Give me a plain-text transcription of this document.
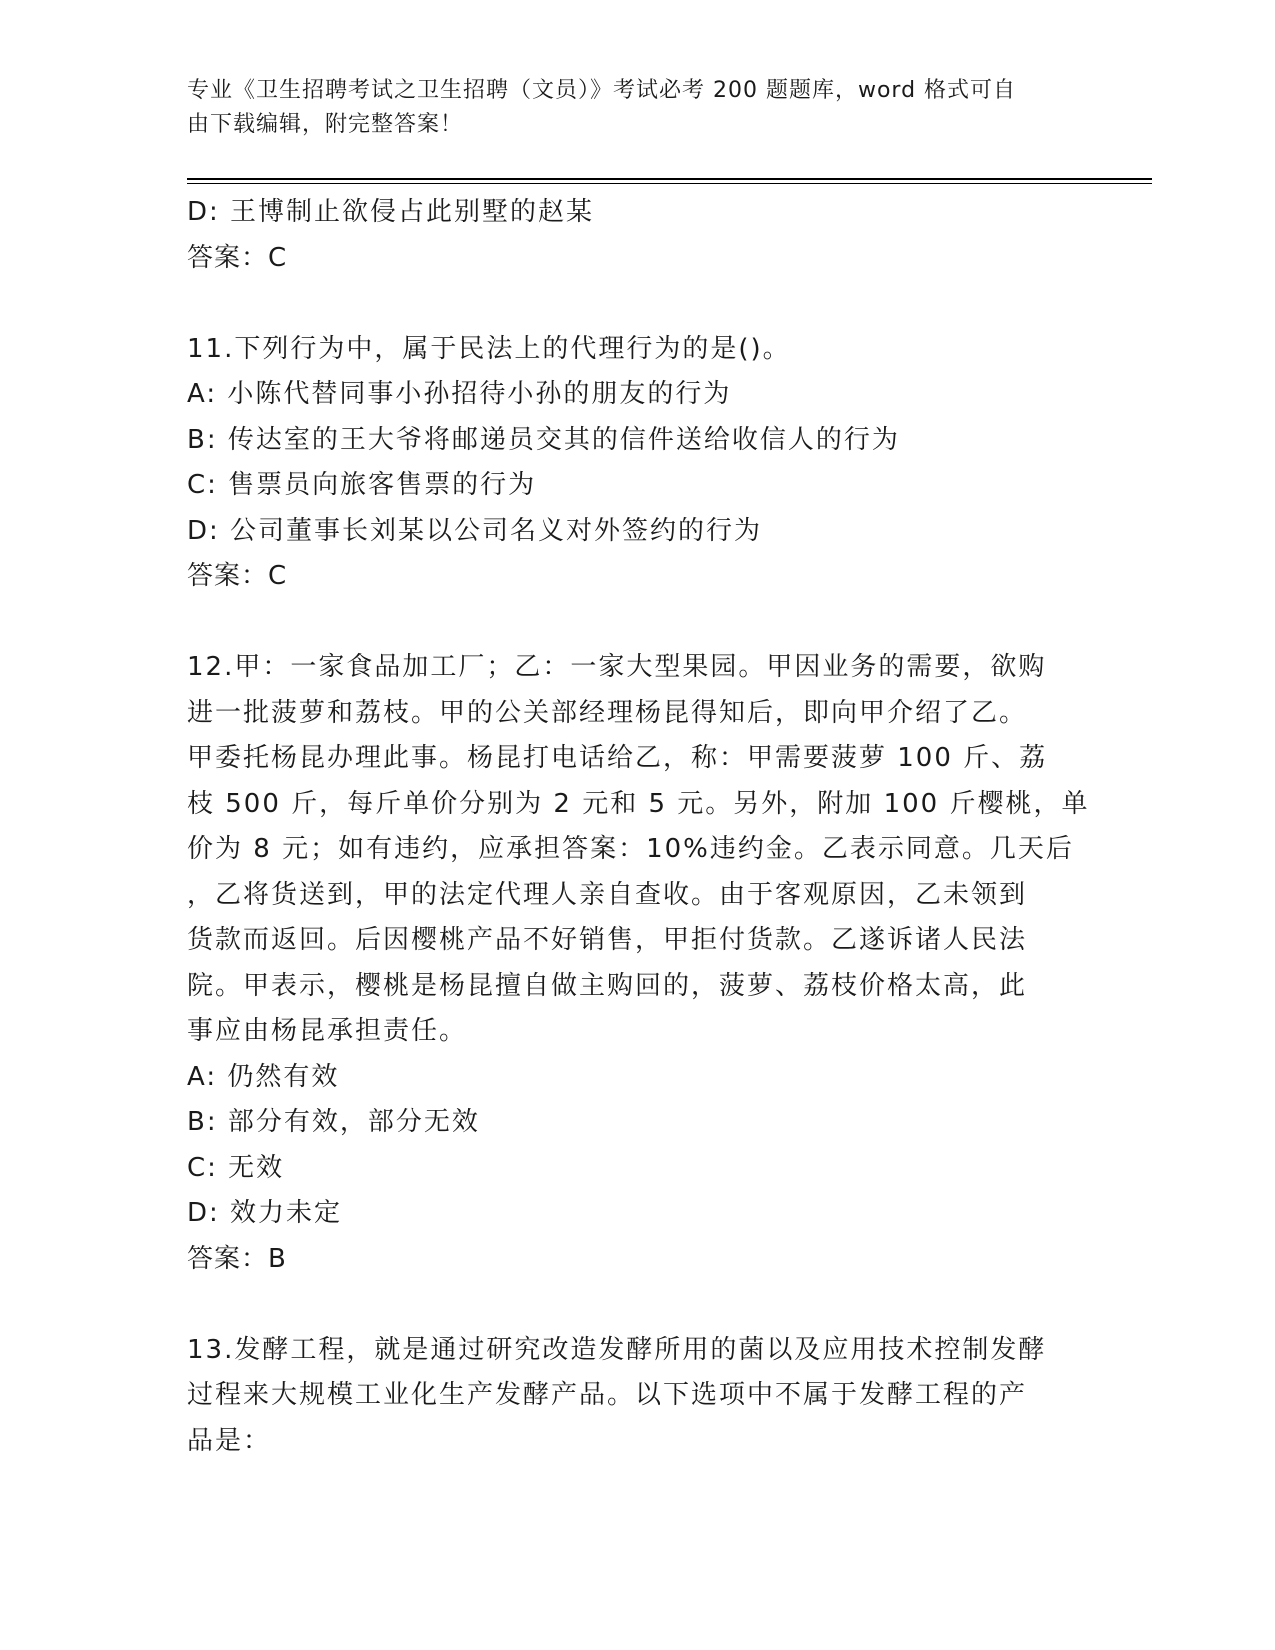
专业《卫生招聘考试之卫生招聘（文员）》考试必考 200 题题库，word 格式可自
由下载编辑，附完整答案！

D: 王博制止欲侵占此别墅的赵某

答案：C

11.下列行为中，属于民法上的代理行为的是()。

A: 小陈代替同事小孙招待小孙的朋友的行为

B: 传达室的王大爷将邮递员交其的信件送给收信人的行为

C: 售票员向旅客售票的行为

D: 公司董事长刘某以公司名义对外签约的行为

答案：C

12.甲：一家食品加工厂；乙：一家大型果园。甲因业务的需要，欲购

进一批菠萝和荔枝。甲的公关部经理杨昆得知后，即向甲介绍了乙。

甲委托杨昆办理此事。杨昆打电话给乙，称：甲需要菠萝 100 斤、荔

枝 500 斤，每斤单价分别为 2 元和 5 元。另外，附加 100 斤樱桃，单

价为 8 元；如有违约，应承担答案：10%违约金。乙表示同意。几天后

，乙将货送到，甲的法定代理人亲自查收。由于客观原因，乙未领到

货款而返回。后因樱桃产品不好销售，甲拒付货款。乙遂诉诸人民法

院。甲表示，樱桃是杨昆擅自做主购回的，菠萝、荔枝价格太高，此

事应由杨昆承担责任。

A: 仍然有效

B: 部分有效，部分无效

C: 无效

D: 效力未定

答案：B

13.发酵工程，就是通过研究改造发酵所用的菌以及应用技术控制发酵

过程来大规模工业化生产发酵产品。以下选项中不属于发酵工程的产

品是：
